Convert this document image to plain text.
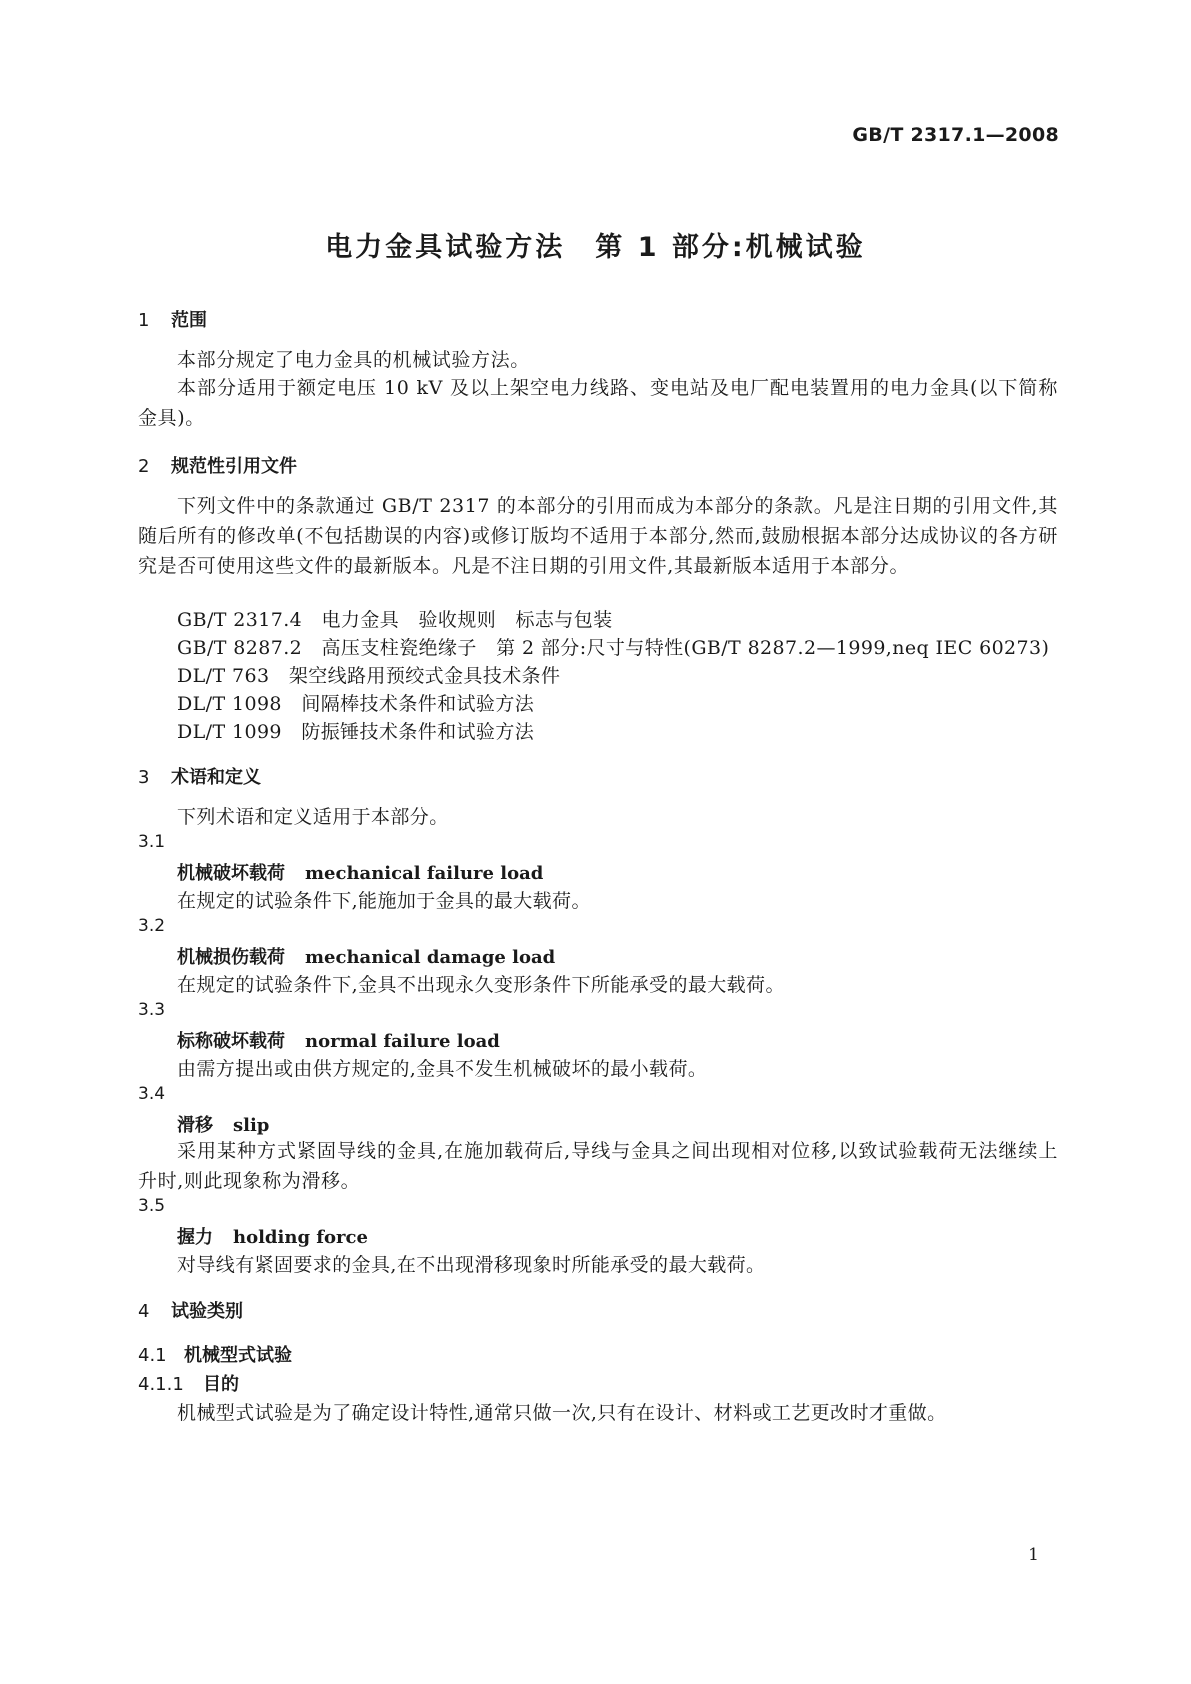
GB/T 2317.1—2008
电力金具试验方法　第 1 部分:机械试验
1 范围
本部分规定了电力金具的机械试验方法。
本部分适用于额定电压 10 kV 及以上架空电力线路、变电站及电厂配电装置用的电力金具(以下简称金具)。
2 规范性引用文件
下列文件中的条款通过 GB/T 2317 的本部分的引用而成为本部分的条款。凡是注日期的引用文件,其随后所有的修改单(不包括勘误的内容)或修订版均不适用于本部分,然而,鼓励根据本部分达成协议的各方研究是否可使用这些文件的最新版本。凡是不注日期的引用文件,其最新版本适用于本部分。
GB/T 2317.4　电力金具　验收规则　标志与包装
GB/T 8287.2　高压支柱瓷绝缘子　第 2 部分:尺寸与特性(GB/T 8287.2—1999,neq IEC 60273)
DL/T 763　架空线路用预绞式金具技术条件
DL/T 1098　间隔棒技术条件和试验方法
DL/T 1099　防振锤技术条件和试验方法
3 术语和定义
下列术语和定义适用于本部分。
3.1
机械破坏载荷 mechanical failure load
在规定的试验条件下,能施加于金具的最大载荷。
3.2
机械损伤载荷 mechanical damage load
在规定的试验条件下,金具不出现永久变形条件下所能承受的最大载荷。
3.3
标称破坏载荷 normal failure load
由需方提出或由供方规定的,金具不发生机械破坏的最小载荷。
3.4
滑移 slip
采用某种方式紧固导线的金具,在施加载荷后,导线与金具之间出现相对位移,以致试验载荷无法继续上升时,则此现象称为滑移。
3.5
握力 holding force
对导线有紧固要求的金具,在不出现滑移现象时所能承受的最大载荷。
4 试验类别
4.1 机械型式试验
4.1.1 目的
机械型式试验是为了确定设计特性,通常只做一次,只有在设计、材料或工艺更改时才重做。
1
